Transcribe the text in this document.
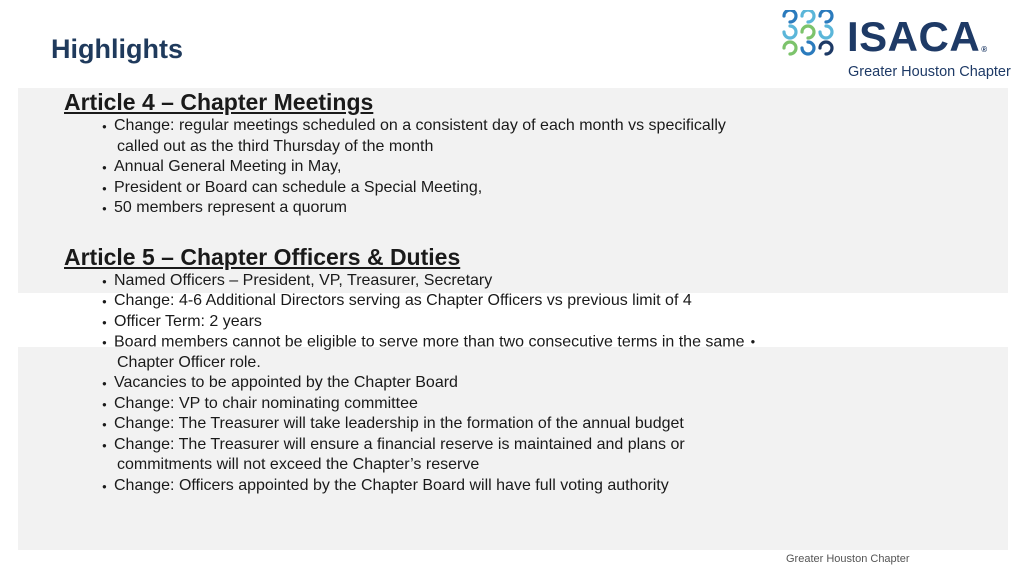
Highlights	ISACA®
Greater Houston Chapter
Article 4 – Chapter Meetings
● Change: regular meetings scheduled on a consistent day of each month vs specifically
called out as the third Thursday of the month
● Annual General Meeting in May,
● President or Board can schedule a Special Meeting,
● 50 members represent a quorum
Article 5 – Chapter Officers & Duties
● Named Officers – President, VP, Treasurer, Secretary
● Change: 4-6 Additional Directors serving as Chapter Officers vs previous limit of 4
● Officer Term: 2 years
● Board members cannot be eligible to serve more than two consecutive terms in the same ●
Chapter Officer role.
● Vacancies to be appointed by the Chapter Board
● Change: VP to chair nominating committee
● Change: The Treasurer will take leadership in the formation of the annual budget
● Change: The Treasurer will ensure a financial reserve is maintained and plans or
commitments will not exceed the Chapter’s reserve
● Change: Officers appointed by the Chapter Board will have full voting authority
Greater Houston Chapter
